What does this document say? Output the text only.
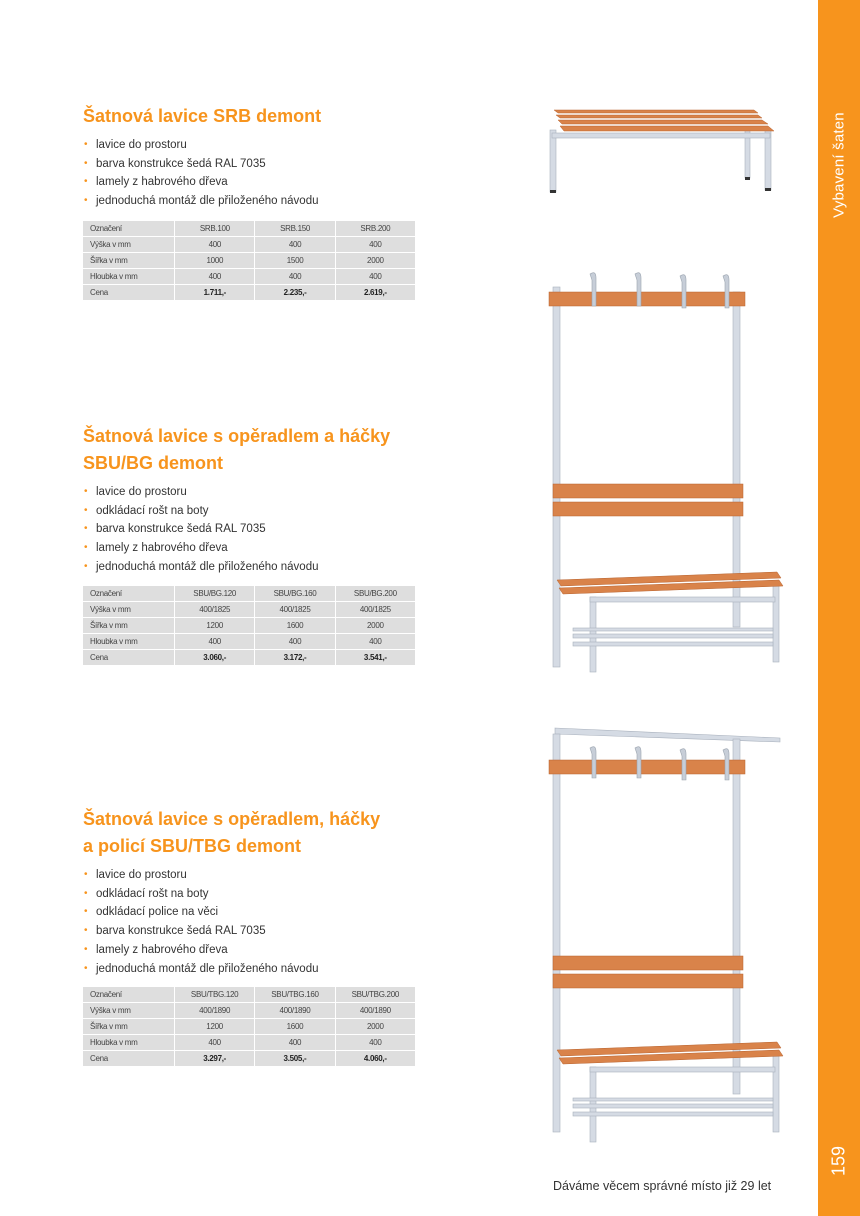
Vybavení šaten
159
Dáváme věcem správné místo již 29 let
Šatnová lavice SRB demont
• lavice do prostoru
• barva konstrukce šedá RAL 7035
• lamely z habrového dřeva
• jednoduchá montáž dle přiloženého návodu
Označení	SRB.100	SRB.150	SRB.200
Výška v mm	400	400	400
Šířka v mm	1000	1500	2000
Hloubka v mm	400	400	400
Cena	1.711,-	2.235,-	2.619,-
Šatnová lavice s opěradlem a háčky
SBU/BG demont
• lavice do prostoru
• odkládací rošt na boty
• barva konstrukce šedá RAL 7035
• lamely z habrového dřeva
• jednoduchá montáž dle přiloženého návodu
Označení	SBU/BG.120	SBU/BG.160	SBU/BG.200
Výška v mm	400/1825	400/1825	400/1825
Šířka v mm	1200	1600	2000
Hloubka v mm	400	400	400
Cena	3.060,-	3.172,-	3.541,-
Šatnová lavice s opěradlem, háčky
a policí SBU/TBG demont
• lavice do prostoru
• odkládací rošt na boty
• odkládací police na věci
• barva konstrukce šedá RAL 7035
• lamely z habrového dřeva
• jednoduchá montáž dle přiloženého návodu
Označení	SBU/TBG.120	SBU/TBG.160	SBU/TBG.200
Výška v mm	400/1890	400/1890	400/1890
Šířka v mm	1200	1600	2000
Hloubka v mm	400	400	400
Cena	3.297,-	3.505,-	4.060,-
